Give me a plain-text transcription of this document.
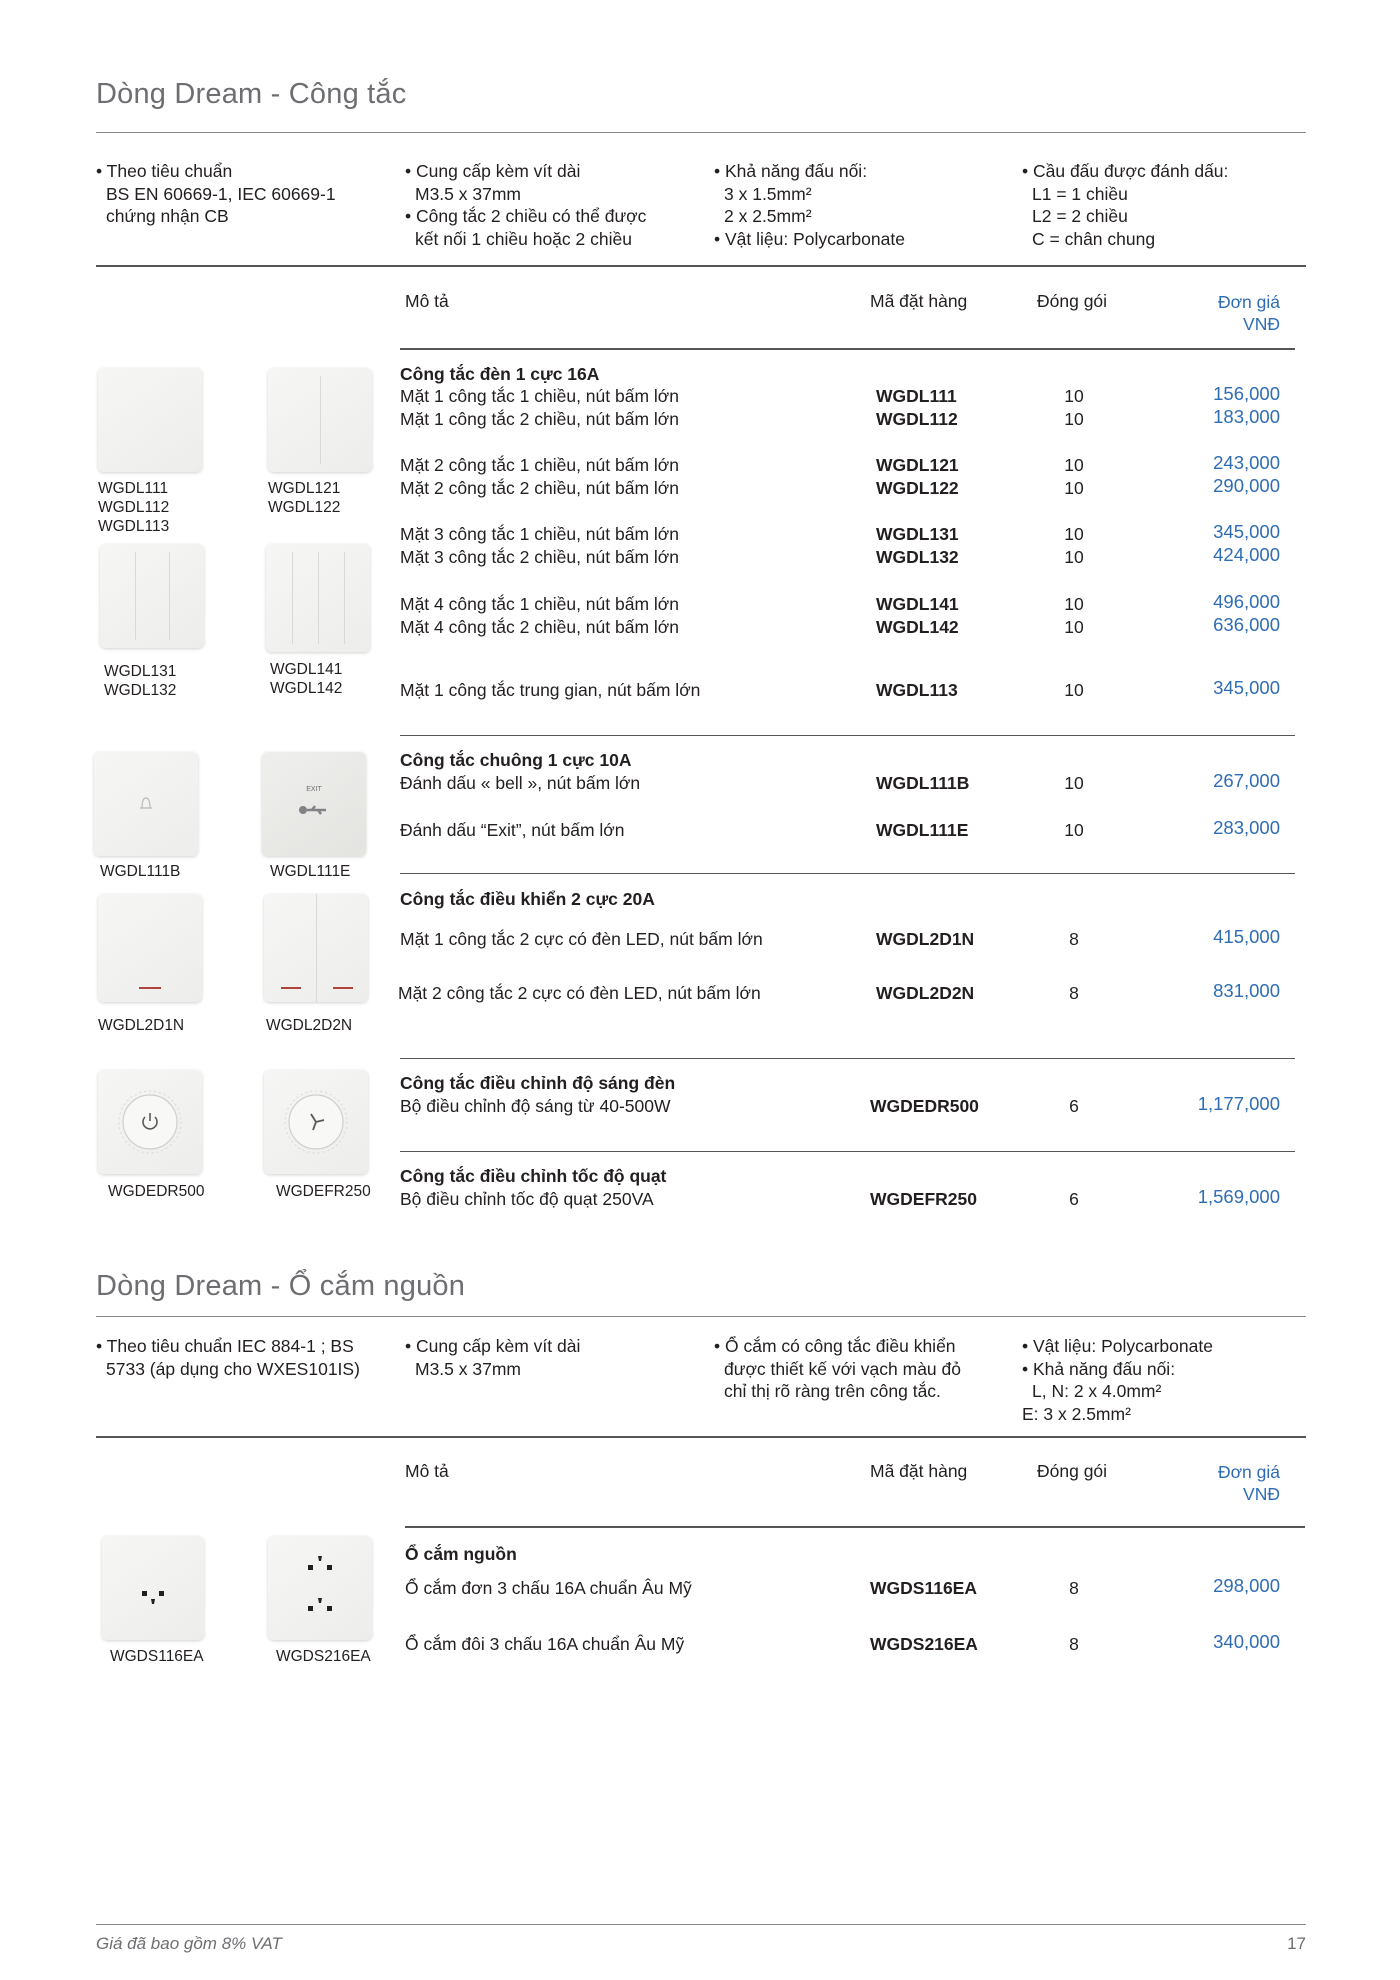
Dòng Dream - Công tắc
• Theo tiêu chuẩn
BS EN 60669-1, IEC 60669-1
chứng nhận CB
• Cung cấp kèm vít dài
M3.5 x 37mm
• Công tắc 2 chiều có thể được
kết nối 1 chiều hoặc 2 chiều
• Khả năng đấu nối:
3 x 1.5mm²
2 x 2.5mm²
• Vật liệu: Polycarbonate
• Cầu đấu được đánh dấu:
L1 = 1 chiều
L2 = 2 chiều
C = chân chung
Mô tả	Mã đặt hàng	Đóng gói	Đơn giá
VNĐ
WGDL111
WGDL112
WGDL113
WGDL121
WGDL122
WGDL131
WGDL132
WGDL141
WGDL142
WGDL111B
EXIT
WGDL111E
WGDL2D1N	WGDL2D2N
WGDEDR500	WGDEFR250
Công tắc đèn 1 cực 16A
Mặt 1 công tắc 1 chiều, nút bấm lớn	WGDL111	10	156,000
Mặt 1 công tắc 2 chiều, nút bấm lớn	WGDL112	10	183,000
Mặt 2 công tắc 1 chiều, nút bấm lớn	WGDL121	10	243,000
Mặt 2 công tắc 2 chiều, nút bấm lớn	WGDL122	10	290,000
Mặt 3 công tắc 1 chiều, nút bấm lớn	WGDL131	10	345,000
Mặt 3 công tắc 2 chiều, nút bấm lớn	WGDL132	10	424,000
Mặt 4 công tắc 1 chiều, nút bấm lớn	WGDL141	10	496,000
Mặt 4 công tắc 2 chiều, nút bấm lớn	WGDL142	10	636,000
Mặt 1 công tắc trung gian, nút bấm lớn	WGDL113	10	345,000
Công tắc chuông 1 cực 10A
Đánh dấu « bell », nút bấm lớn	WGDL111B	10	267,000
Đánh dấu “Exit”, nút bấm lớn	WGDL111E	10	283,000
Công tắc điều khiển 2 cực 20A
Mặt 1 công tắc 2 cực có đèn LED, nút bấm lớn	WGDL2D1N	8	415,000
Mặt 2 công tắc 2 cực có đèn LED, nút bấm lớn	WGDL2D2N	8	831,000
Công tắc điều chỉnh độ sáng đèn
Bộ điều chỉnh độ sáng từ 40-500W	WGDEDR500	6	1,177,000
Công tắc điều chỉnh tốc độ quạt
Bộ điều chỉnh tốc độ quạt 250VA	WGDEFR250	6	1,569,000
Dòng Dream - Ổ cắm nguồn
• Theo tiêu chuẩn IEC 884-1 ; BS
5733 (áp dụng cho WXES101IS)
• Cung cấp kèm vít dài
M3.5 x 37mm
• Ổ cắm có công tắc điều khiển
được thiết kế với vạch màu đỏ
chỉ thị rõ ràng trên công tắc.
• Vật liệu: Polycarbonate
• Khả năng đấu nối:
L, N: 2 x 4.0mm²
E: 3 x 2.5mm²
Mô tả	Mã đặt hàng	Đóng gói	Đơn giá
VNĐ
WGDS116EA	WGDS216EA
Ổ cắm nguồn
Ổ cắm đơn 3 chấu 16A chuẩn Âu Mỹ	WGDS116EA	8	298,000
Ổ cắm đôi 3 chấu 16A chuẩn Âu Mỹ	WGDS216EA	8	340,000
Giá đã bao gồm 8% VAT	17
